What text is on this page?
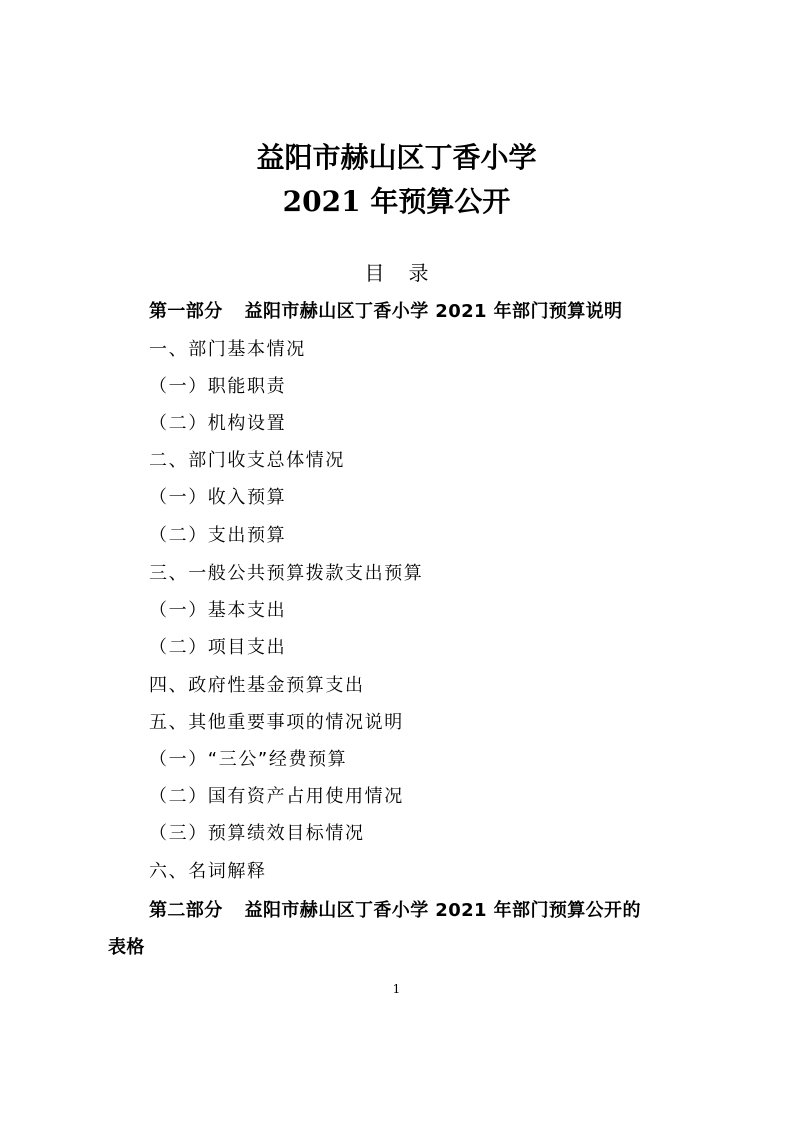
益阳市赫山区丁香小学
2021 年预算公开
目录
第一部分 益阳市赫山区丁香小学 2021 年部门预算说明
一、部门基本情况
（一）职能职责
（二）机构设置
二、部门收支总体情况
（一）收入预算
（二）支出预算
三、一般公共预算拨款支出预算
（一）基本支出
（二）项目支出
四、政府性基金预算支出
五、其他重要事项的情况说明
（一）“三公”经费预算
（二）国有资产占用使用情况
（三）预算绩效目标情况
六、名词解释
第二部分 益阳市赫山区丁香小学 2021 年部门预算公开的
表格
1
